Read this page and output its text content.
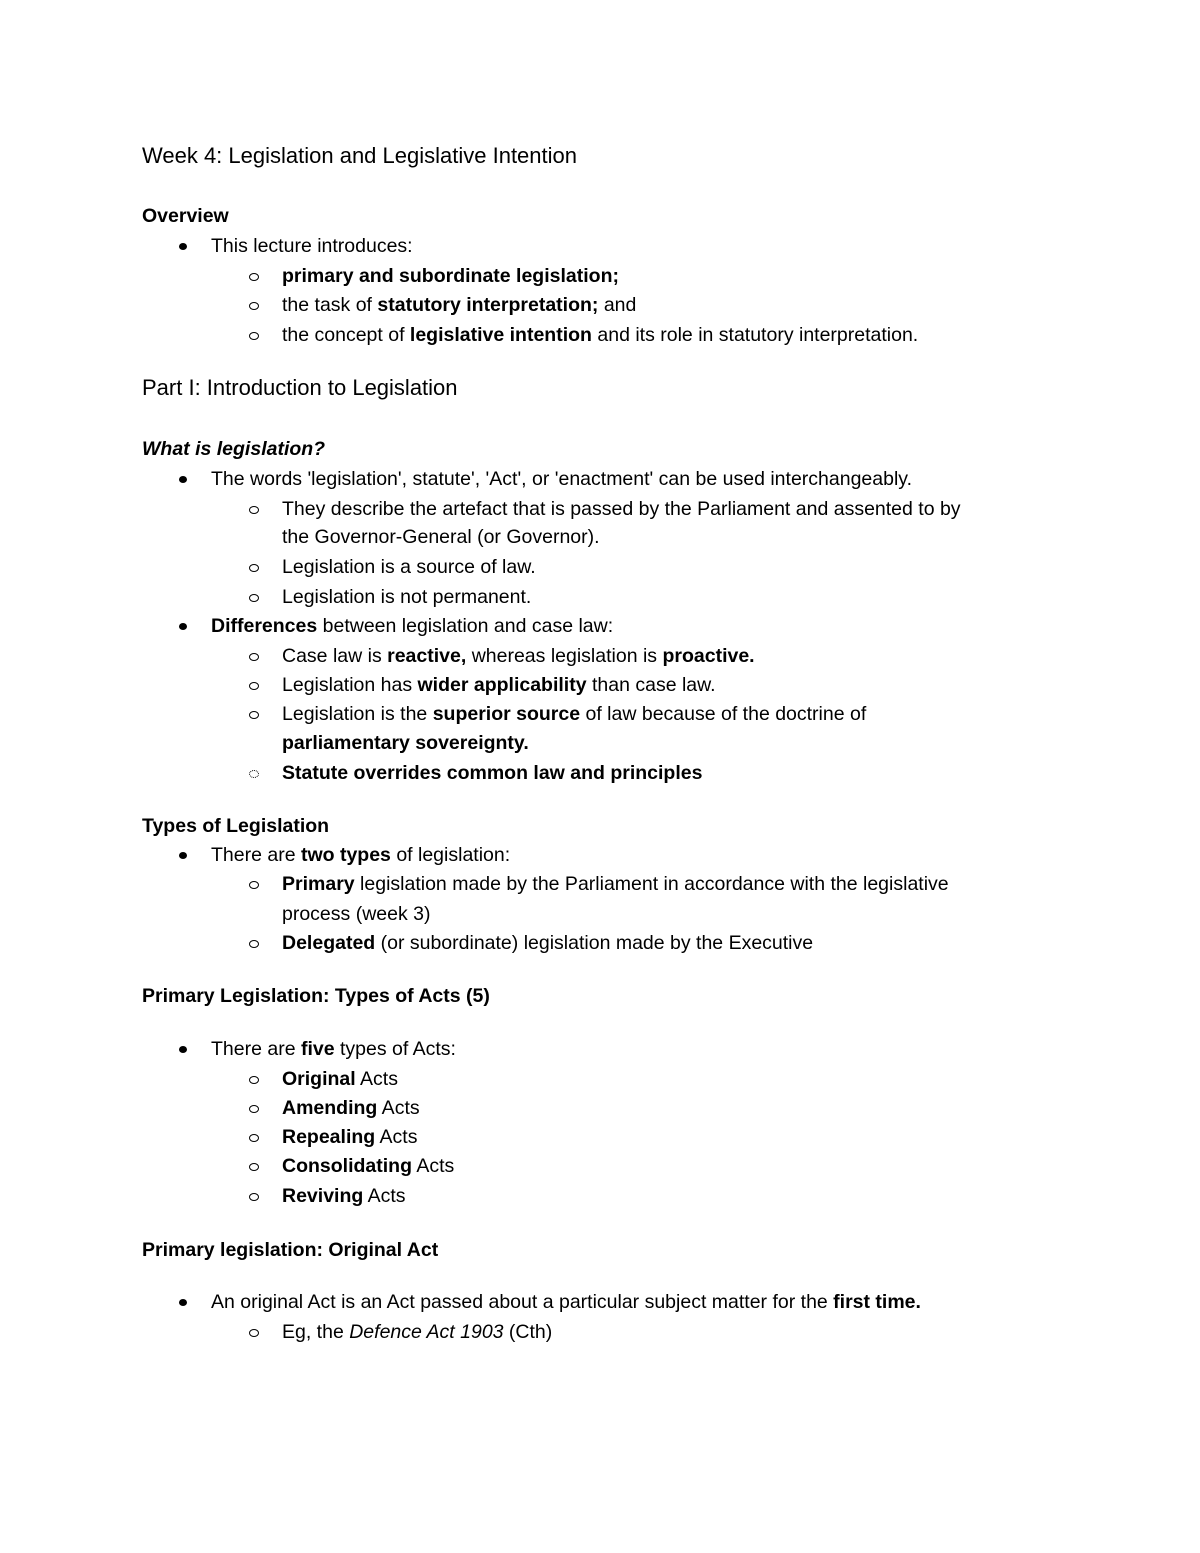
Week 4: Legislation and Legislative Intention
Overview
This lecture introduces:
primary and subordinate legislation;
the task of statutory interpretation; and
the concept of legislative intention and its role in statutory interpretation.
Part I: Introduction to Legislation
What is legislation?
The words 'legislation', statute', 'Act', or 'enactment' can be used interchangeably.
They describe the artefact that is passed by the Parliament and assented to by
the Governor-General (or Governor).
Legislation is a source of law.
Legislation is not permanent.
Differences between legislation and case law:
Case law is reactive, whereas legislation is proactive.
Legislation has wider applicability than case law.
Legislation is the superior source of law because of the doctrine of
parliamentary sovereignty.
Statute overrides common law and principles
Types of Legislation
There are two types of legislation:
Primary legislation made by the Parliament in accordance with the legislative
process (week 3)
Delegated (or subordinate) legislation made by the Executive
Primary Legislation: Types of Acts (5)
There are five types of Acts:
Original Acts
Amending Acts
Repealing Acts
Consolidating Acts
Reviving Acts
Primary legislation: Original Act
An original Act is an Act passed about a particular subject matter for the first time.
Eg, the Defence Act 1903 (Cth)
